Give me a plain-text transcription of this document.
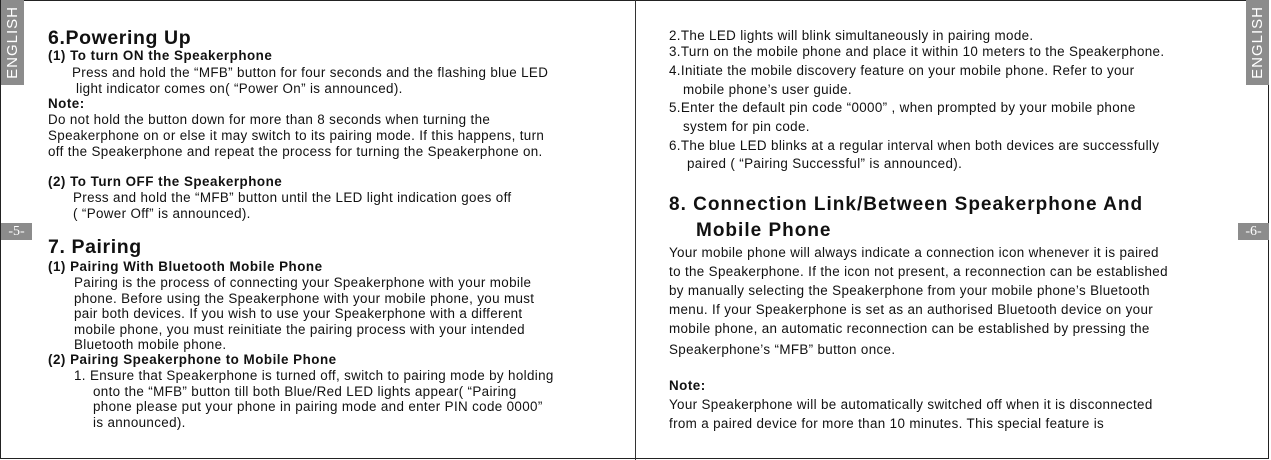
ENGLISH
-5-
6.Powering Up
(1) To turn ON the Speakerphone
Press and hold the “MFB” button for four seconds and the flashing blue LED
light indicator comes on( “Power On” is announced).
Note:
Do not hold the button down for more than 8 seconds when turning the
Speakerphone on or else it may switch to its pairing mode. If this happens, turn
off the Speakerphone and repeat the process for turning the Speakerphone on.
(2) To Turn OFF the Speakerphone
Press and hold the “MFB” button until the LED light indication goes off
( “Power Off” is announced).
7. Pairing
(1) Pairing With Bluetooth Mobile Phone
Pairing is the process of connecting your Speakerphone with your mobile
phone. Before using the Speakerphone with your mobile phone, you must
pair both devices. If you wish to use your Speakerphone with a different
mobile phone, you must reinitiate the pairing process with your intended
Bluetooth mobile phone.
(2) Pairing Speakerphone to Mobile Phone
1. Ensure that Speakerphone is turned off, switch to pairing mode by holding
onto the “MFB” button till both Blue/Red LED lights appear( “Pairing
phone please put your phone in pairing mode and enter PIN code 0000”
is announced).
ENGLISH
-6-
2.The LED lights will blink simultaneously in pairing mode.
3.Turn on the mobile phone and place it within 10 meters to the Speakerphone.
4.Initiate the mobile discovery feature on your mobile phone. Refer to your
mobile phone’s user guide.
5.Enter the default pin code “0000” , when prompted by your mobile phone
system for pin code.
6.The blue LED blinks at a regular interval when both devices are successfully
paired ( “Pairing Successful” is announced).
8. Connection Link/Between Speakerphone And
Mobile Phone
Your mobile phone will always indicate a connection icon whenever it is paired
to the Speakerphone. If the icon not present, a reconnection can be established
by manually selecting the Speakerphone from your mobile phone’s Bluetooth
menu. If your Speakerphone is set as an authorised Bluetooth device on your
mobile phone, an automatic reconnection can be established by pressing the
Speakerphone’s “MFB” button once.
Note:
Your Speakerphone will be automatically switched off when it is disconnected
from a paired device for more than 10 minutes. This special feature is
